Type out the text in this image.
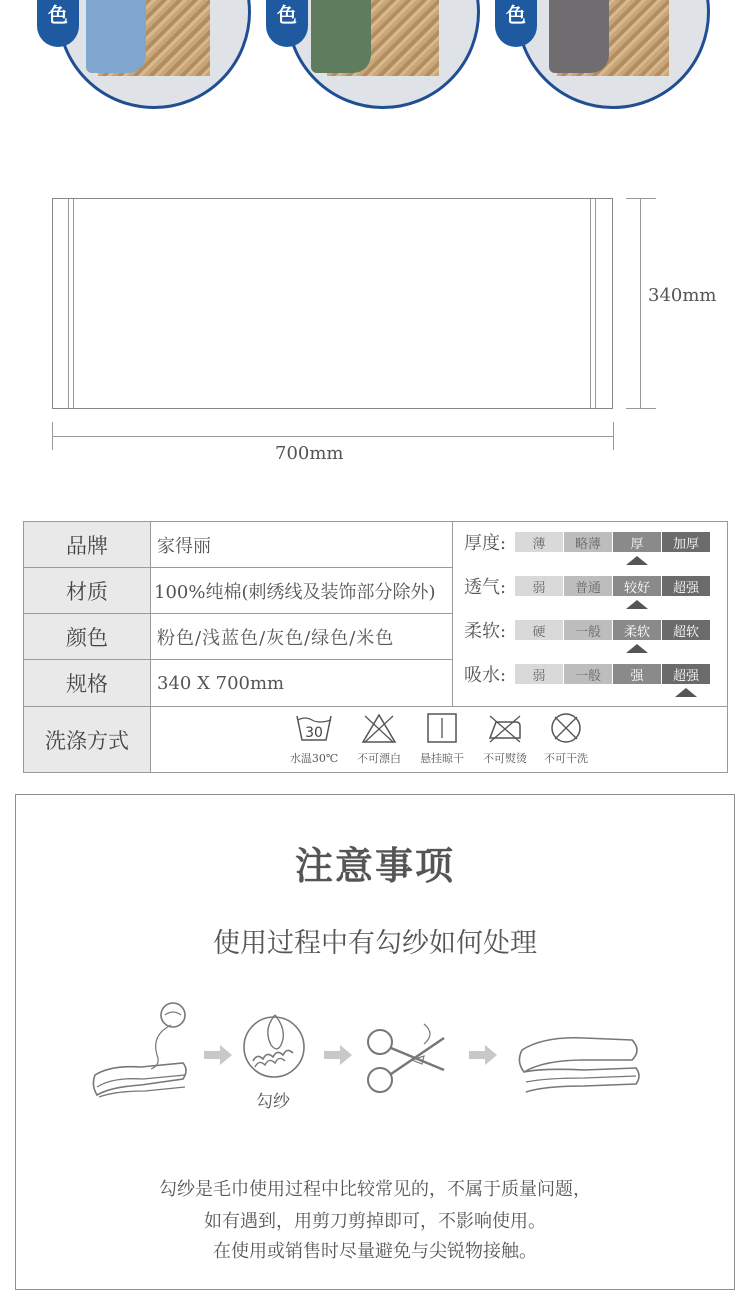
色	色	色
340mm
700mm
品牌	家得丽
材质	100%纯棉(刺绣线及装饰部分除外)
颜色	粉色/浅蓝色/灰色/绿色/米色
规格	340 X 700mm
洗涤方式
厚度:	薄	略薄	厚	加厚
透气:	弱	普通	较好	超强
柔软:	硬	一般	柔软	超软
吸水:	弱	一般	强	超强
30
水温30℃	不可漂白	悬挂晾干	不可熨烫	不可干洗
注意事项
使用过程中有勾纱如何处理
勾纱
勾纱是毛巾使用过程中比较常见的，不属于质量问题，
如有遇到，用剪刀剪掉即可，不影响使用。
在使用或销售时尽量避免与尖锐物接触。
